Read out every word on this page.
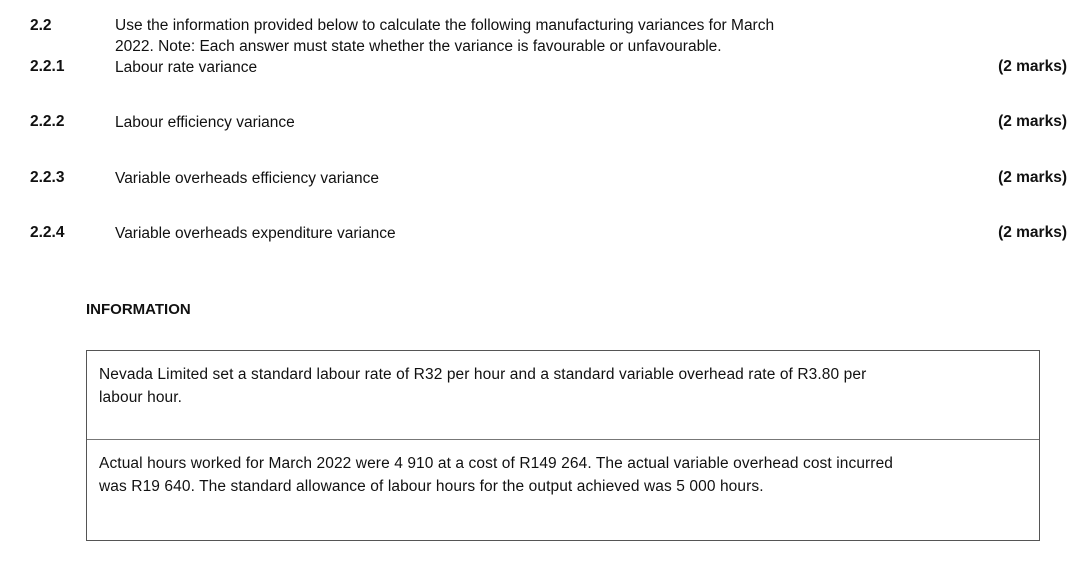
2.2	Use the information provided below to calculate the following manufacturing variances for March
2022. Note: Each answer must state whether the variance is favourable or unfavourable.
2.2.1	Labour rate variance	(2 marks)
2.2.2	Labour efficiency variance	(2 marks)
2.2.3	Variable overheads efficiency variance	(2 marks)
2.2.4	Variable overheads expenditure variance	(2 marks)
INFORMATION
Nevada Limited set a standard labour rate of R32 per hour and a standard variable overhead rate of R3.80 per
labour hour.
Actual hours worked for March 2022 were 4 910 at a cost of R149 264. The actual variable overhead cost incurred
was R19 640. The standard allowance of labour hours for the output achieved was 5 000 hours.
